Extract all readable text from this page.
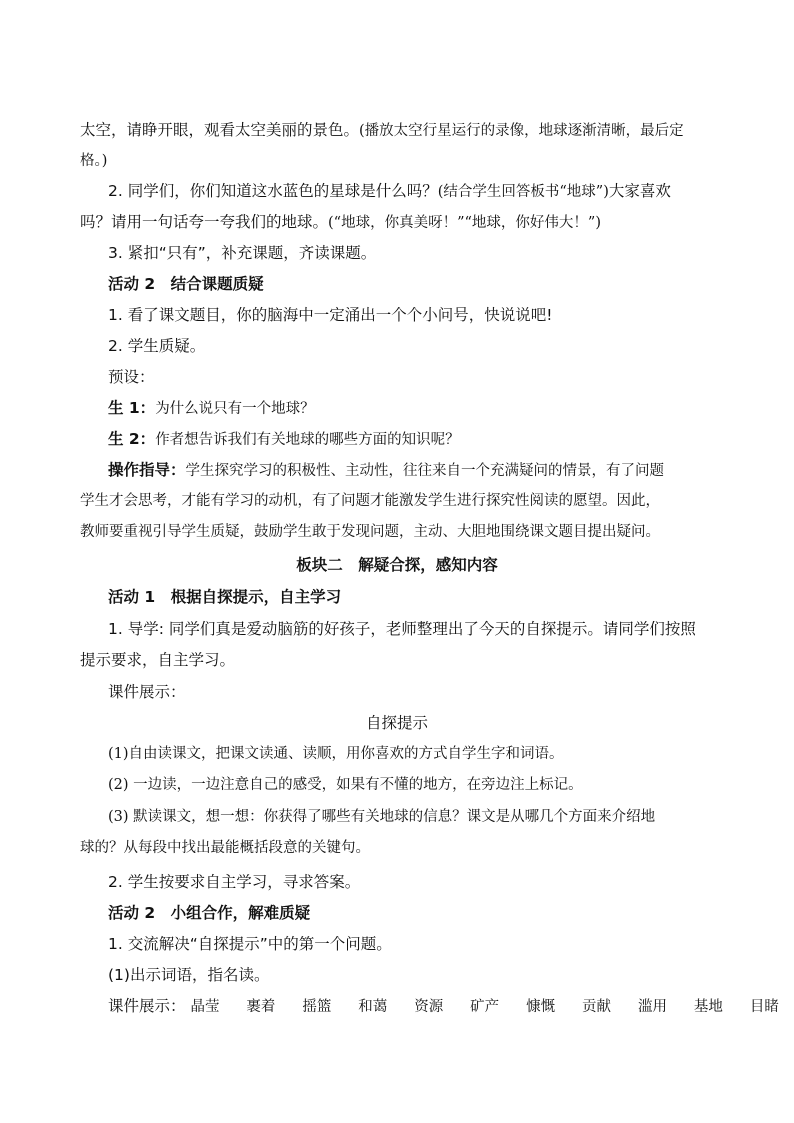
太空，请睁开眼，观看太空美丽的景色。(播放太空行星运行的录像，地球逐渐清晰，最后定
格。)
2. 同学们，你们知道这水蓝色的星球是什么吗？(结合学生回答板书“地球”)大家喜欢
吗？请用一句话夸一夸我们的地球。(“地球，你真美呀！”“地球，你好伟大！”)
3. 紧扣“只有”，补充课题，齐读课题。
活动 2　结合课题质疑
1. 看了课文题目，你的脑海中一定涌出一个个小问号，快说说吧!
2. 学生质疑。
预设：
生 1：为什么说只有一个地球？
生 2：作者想告诉我们有关地球的哪些方面的知识呢？
操作指导：学生探究学习的积极性、主动性，往往来自一个充满疑问的情景，有了问题
学生才会思考，才能有学习的动机，有了问题才能激发学生进行探究性阅读的愿望。因此，
教师要重视引导学生质疑，鼓励学生敢于发现问题，主动、大胆地围绕课文题目提出疑问。
板块二　解疑合探，感知内容
活动 1　根据自探提示，自主学习
1. 导学: 同学们真是爱动脑筋的好孩子，老师整理出了今天的自探提示。请同学们按照
提示要求，自主学习。
课件展示：
自探提示
(1)自由读课文，把课文读通、读顺，用你喜欢的方式自学生字和词语。
(2) 一边读，一边注意自己的感受，如果有不懂的地方，在旁边注上标记。
(3) 默读课文，想一想：你获得了哪些有关地球的信息？课文是从哪几个方面来介绍地
球的？从每段中找出最能概括段意的关键句。
2. 学生按要求自主学习，寻求答案。
活动 2　小组合作，解难质疑
1. 交流解决“自探提示”中的第一个问题。
(1)出示词语，指名读。
课件展示： 晶莹 裹着 摇篮 和蔼 资源 矿产 慷慨 贡献 滥用 基地 目睹
